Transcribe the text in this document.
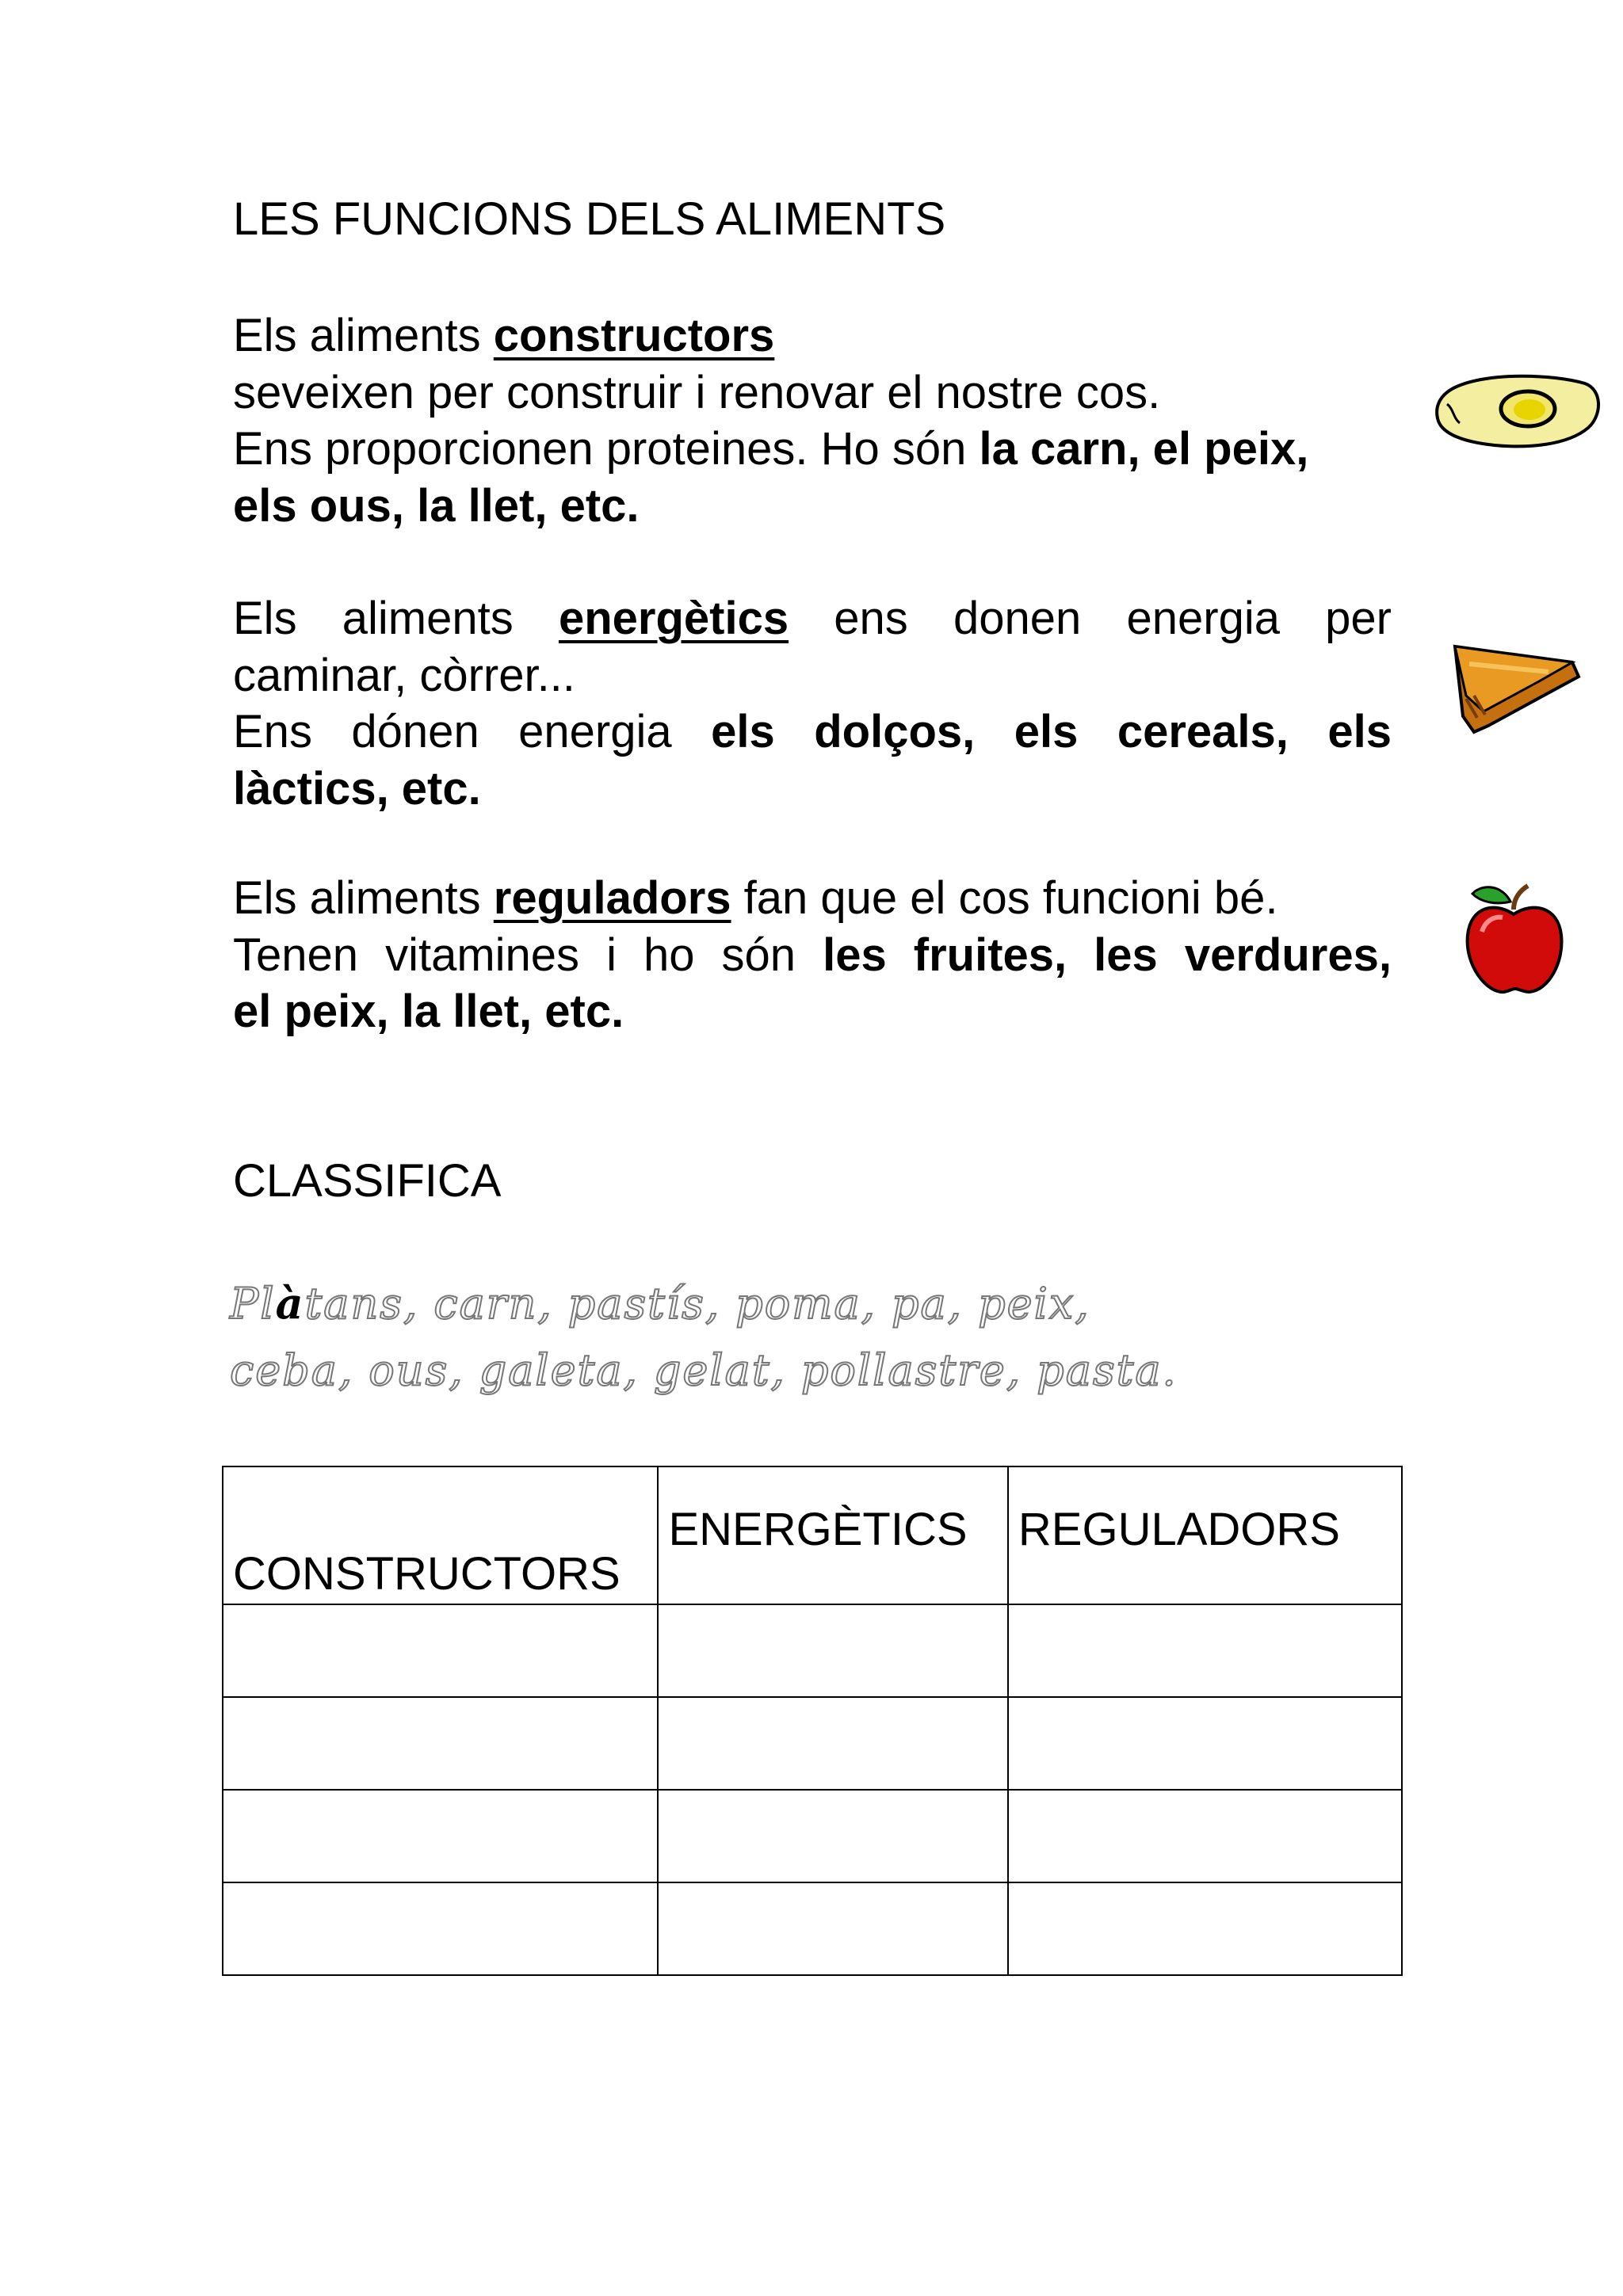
LES FUNCIONS DELS ALIMENTS
Els aliments constructors
seveixen per construir i renovar el nostre cos.
Ens proporcionen proteines. Ho són la carn, el peix,
els ous, la llet, etc.
Els aliments energètics ens donen energia per
caminar, còrrer...
Ens dónen energia els dolços, els cereals, els
làctics, etc.
Els aliments reguladors fan que el cos funcioni bé.
Tenen vitamines i ho són les fruites, les verdures,
el peix, la llet, etc.
CLASSIFICA
Plàtans, carn, pastís, poma, pa, peix,
ceba, ous, galeta, gelat, pollastre, pasta.
CONSTRUCTORS	ENERGÈTICS	REGULADORS
